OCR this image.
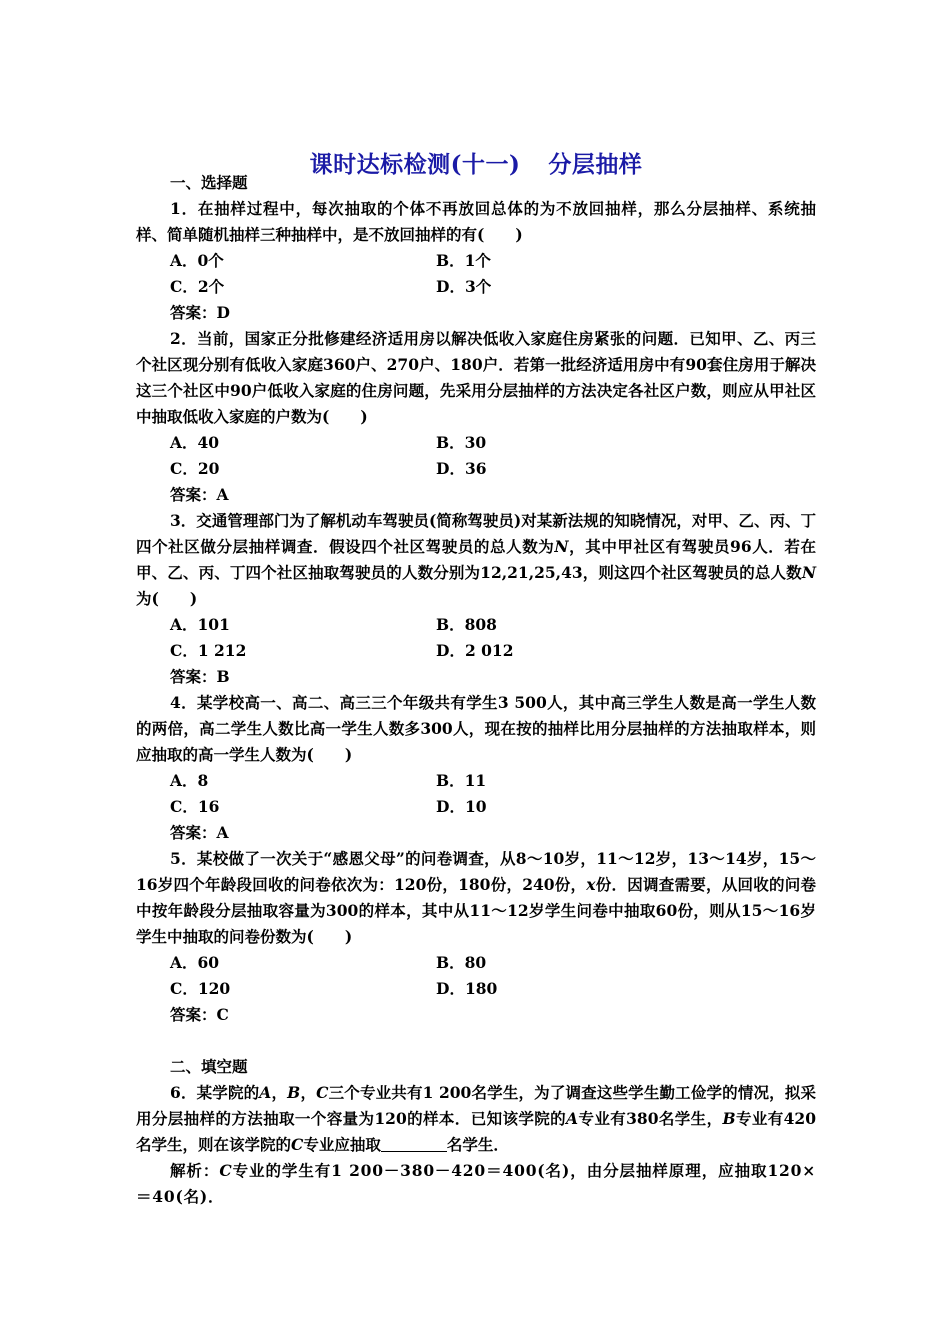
课时达标检测(十一) 分层抽样
一、选择题
1．在抽样过程中，每次抽取的个体不再放回总体的为不放回抽样，那么分层抽样、系统抽样、简单随机抽样三种抽样中，是不放回抽样的有(　　)
A．0个	B．1个
C．2个	D．3个
答案：D
2．当前，国家正分批修建经济适用房以解决低收入家庭住房紧张的问题．已知甲、乙、丙三个社区现分别有低收入家庭360户、270户、180户．若第一批经济适用房中有90套住房用于解决这三个社区中90户低收入家庭的住房问题，先采用分层抽样的方法决定各社区户数，则应从甲社区中抽取低收入家庭的户数为(　　)
A．40	B．30
C．20	D．36
答案：A
3．交通管理部门为了解机动车驾驶员(简称驾驶员)对某新法规的知晓情况，对甲、乙、丙、丁四个社区做分层抽样调查．假设四个社区驾驶员的总人数为N，其中甲社区有驾驶员96人．若在甲、乙、丙、丁四个社区抽取驾驶员的人数分别为12,21,25,43，则这四个社区驾驶员的总人数N为(　　)
A．101	B．808
C．1 212	D．2 012
答案：B
4．某学校高一、高二、高三三个年级共有学生3 500人，其中高三学生人数是高一学生人数的两倍，高二学生人数比高一学生人数多300人，现在按的抽样比用分层抽样的方法抽取样本，则应抽取的高一学生人数为(　　)
A．8	B．11
C．16	D．10
答案：A
5．某校做了一次关于“感恩父母”的问卷调查，从8～10岁，11～12岁，13～14岁，15～16岁四个年龄段回收的问卷依次为：120份，180份，240份，x份．因调查需要，从回收的问卷中按年龄段分层抽取容量为300的样本，其中从11～12岁学生问卷中抽取60份，则从15～16岁学生中抽取的问卷份数为(　　)
A．60	B．80
C．120	D．180
答案：C
二、填空题
6．某学院的A，B，C三个专业共有1 200名学生，为了调查这些学生勤工俭学的情况，拟采用分层抽样的方法抽取一个容量为120的样本．已知该学院的A专业有380名学生，B专业有420名学生，则在该学院的C专业应抽取	名学生．
解析：C专业的学生有1 200－380－420＝400(名)，由分层抽样原理，应抽取120×＝40(名)．
